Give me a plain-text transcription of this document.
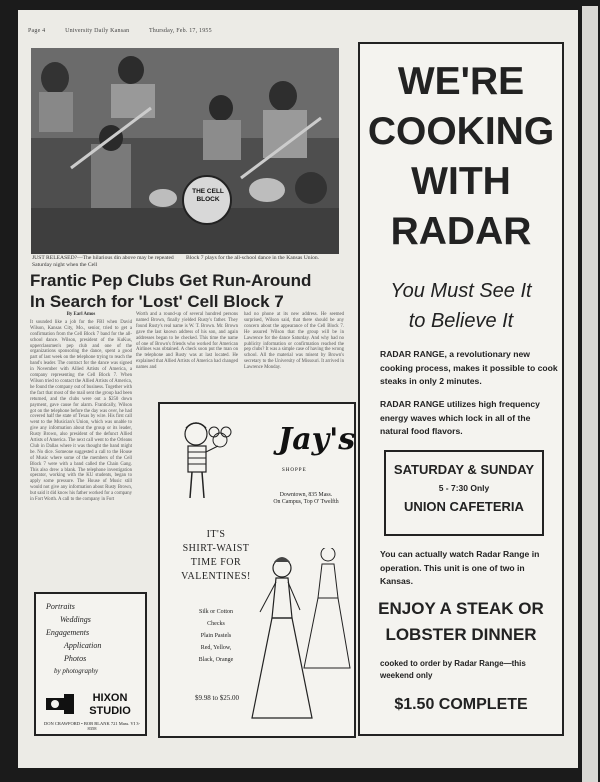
Page 4	University Daily Kansan	Thursday, Feb. 17, 1955
THE CELL BLOCK
JUST RELEASED?—The hilarious din above may be repeated Saturday night when the CellBlock 7 plays for the all-school dance in the Kansas Union.
Frantic Pep Clubs Get Run-Around
In Search for 'Lost' Cell Block 7
By Earl Amos
It sounded like a job for the FBI when David Wilson, Kansas City, Mo., senior, tried to get a confirmation from the Cell Block 7 band for the all-school dance. Wilson, president of the KuKus, upperclassmen's pep club and one of the organizations sponsoring the dance, spent a good part of last week on the telephone trying to reach the band's leader. The contract for the dance was signed in November with Allied Artists of America, a company representing the Cell Block 7. When Wilson tried to contact the Allied Artists of America, he found the company out of business. Together with the fact that most of the mail sent the group had been returned, and the clubs were out a $250 down payment, gave cause for alarm. Frantically, Wilson got on the telephone before the day was over, he had covered half the state of Texas by wire. His first call went to the Musician's Union, which was unable to give any information about the group or its leader, Rusty Brown, also president of the defunct Allied Artists of America. The next call went to the Orleans Club in Dallas where it was thought the band might be. No dice. Someone suggested a call to the House of Music where some of the members of the Cell Block 7 were with a band called the Chain Gang. This also drew a blank. The telephone investigation operator, working with the KU students, began to apply some pressure. The House of Music still would not give any information about Rusty Brown, but said it did know his father worked for a company in Fort Worth. A call to the company in Fort
Worth and a round-up of several hundred persons named Brown, finally yielded Rusty's father. They found Rusty's real name is W. T. Brown. Mr. Brown gave the last known address of his son, and again addresses began to be checked. This time the name of one of Brown's friends who worked for American Airlines was obtained. A check soon put the man on the telephone and Rusty was at last located. He explained that Allied Artists of America had changed names and
had no phone at its new address. He seemed surprised, Wilson said, that there should be any concern about the appearance of the Cell Block 7. He assured Wilson that the group will be in Lawrence for the dance Saturday. And why had no publicity information or confirmation reached the pep clubs? It was a simple case of having the wrong school. All the material was misent by Brown's secretary to the University of Missouri. It arrived in Lawrence Monday.
Portraits
Weddings
Engagements
Application
Photos
by photography
HIXON
STUDIO
DON CRAWFORD • BOB BLANK 721 Mass. VI 3-8358
Jay's
SHOPPE
Downtown, 835 Mass.
On Campus, Top O' Twelfth
IT'S
SHIRT-WAIST
TIME FOR
VALENTINES!
Silk or Cotton
Checks
Plain Pastels
Red, Yellow,
Black, Orange
$9.98 to $25.00
WE'RE
COOKING
WITH
RADAR
You Must See It
to Believe It
RADAR RANGE, a revolutionary new cooking process, makes it possible to cook steaks in only 2 minutes.
RADAR RANGE utilizes high frequency energy waves which lock in all of the natural food flavors.
SATURDAY & SUNDAY
5 - 7:30 Only
UNION CAFETERIA
You can actually watch Radar Range in operation. This unit is one of two in Kansas.
ENJOY A STEAK OR
LOBSTER DINNER
cooked to order by Radar Range—this weekend only
$1.50 COMPLETE
